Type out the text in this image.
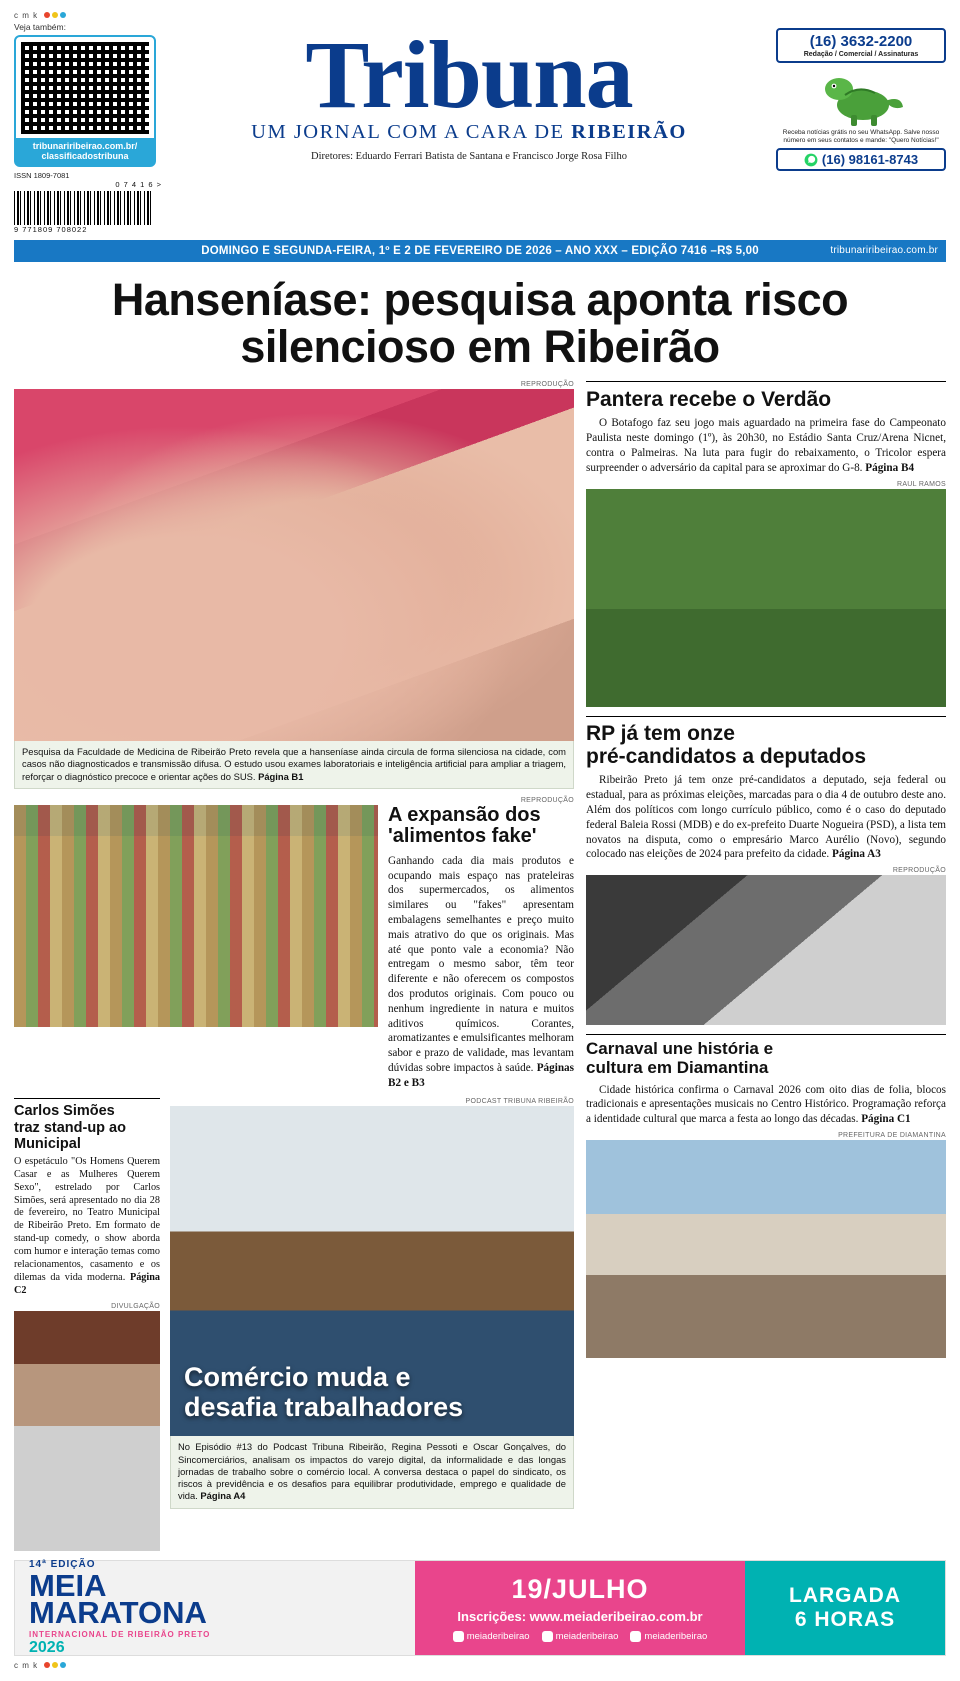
c m k
Veja também:
tribunariribeirao.com.br/
classificadostribuna
ISSN 1809-7081
0 7 4 1 6 >
9 771809 708022
Tribuna
UM JORNAL COM A CARA DE RIBEIRÃO
Diretores: Eduardo Ferrari Batista de Santana e Francisco Jorge Rosa Filho
(16) 3632-2200
Redação / Comercial / Assinaturas
Receba notícias grátis no seu WhatsApp. Salve nosso número em seus contatos e mande: "Quero Notícias!"
(16) 98161-8743
DOMINGO E SEGUNDA-FEIRA, 1º E 2 DE FEVEREIRO DE 2026 – ANO XXX – EDIÇÃO 7416 – R$ 5,00	tribunariribeirao.com.br
Hanseníase: pesquisa aponta risco silencioso em Ribeirão
REPRODUÇÃO
Pesquisa da Faculdade de Medicina de Ribeirão Preto revela que a hanseníase ainda circula de forma silenciosa na cidade, com casos não diagnosticados e transmissão difusa. O estudo usou exames laboratoriais e inteligência artificial para ampliar a triagem, reforçar o diagnóstico precoce e orientar ações do SUS. Página B1
REPRODUÇÃO
A expansão dos
'alimentos fake'

Ganhando cada dia mais produtos e ocupando mais espaço nas prateleiras dos supermercados, os alimentos similares ou "fakes" apresentam embalagens semelhantes e preço muito mais atrativo do que os originais. Mas até que ponto vale a economia? Não entregam o mesmo sabor, têm teor diferente e não oferecem os compostos dos produtos originais. Com pouco ou nenhum ingrediente in natura e muitos aditivos químicos. Corantes, aromatizantes e emulsificantes melhoram sabor e prazo de validade, mas levantam dúvidas sobre impactos à saúde. Páginas B2 e B3

Carlos Simões
traz stand-up ao
Municipal

O espetáculo "Os Homens Querem Casar e as Mulheres Querem Sexo", estrelado por Carlos Simões, será apresentado no dia 28 de fevereiro, no Teatro Municipal de Ribeirão Preto. Em formato de stand-up comedy, o show aborda com humor e interação temas como relacionamentos, casamento e os dilemas da vida moderna. Página C2

DIVULGAÇÃO
PODCAST TRIBUNA RIBEIRÃO
Comércio muda e
desafia trabalhadores
No Episódio #13 do Podcast Tribuna Ribeirão, Regina Pessoti e Oscar Gonçalves, do Sincomerciários, analisam os impactos do varejo digital, da informalidade e das longas jornadas de trabalho sobre o comércio local. A conversa destaca o papel do sindicato, os riscos à previdência e os desafios para equilibrar produtividade, emprego e qualidade de vida. Página A4
Pantera recebe o Verdão

O Botafogo faz seu jogo mais aguardado na primeira fase do Campeonato Paulista neste domingo (1º), às 20h30, no Estádio Santa Cruz/Arena Nicnet, contra o Palmeiras. Na luta para fugir do rebaixamento, o Tricolor espera surpreender o adversário da capital para se aproximar do G-8. Página B4

RAUL RAMOS
RP já tem onze
pré-candidatos a deputados

Ribeirão Preto já tem onze pré-candidatos a deputado, seja federal ou estadual, para as próximas eleições, marcadas para o dia 4 de outubro deste ano. Além dos políticos com longo currículo público, como é o caso do deputado federal Baleia Rossi (MDB) e do ex-prefeito Duarte Nogueira (PSD), a lista tem novatos na disputa, como o empresário Marco Aurélio (Novo), segundo colocado nas eleições de 2024 para prefeito da cidade. Página A3

REPRODUÇÃO
Carnaval une história e
cultura em Diamantina

Cidade histórica confirma o Carnaval 2026 com oito dias de folia, blocos tradicionais e apresentações musicais no Centro Histórico. Programação reforça a identidade cultural que marca a festa ao longo das décadas. Página C1

PREFEITURA DE DIAMANTINA
14ª EDIÇÃO
MEIA
MARATONA
INTERNACIONAL DE RIBEIRÃO PRETO
2026
19/JULHO
Inscrições: www.meiaderibeirao.com.br
meiaderibeirao	meiaderibeirao	meiaderibeirao
LARGADA
6 HORAS
c m k
